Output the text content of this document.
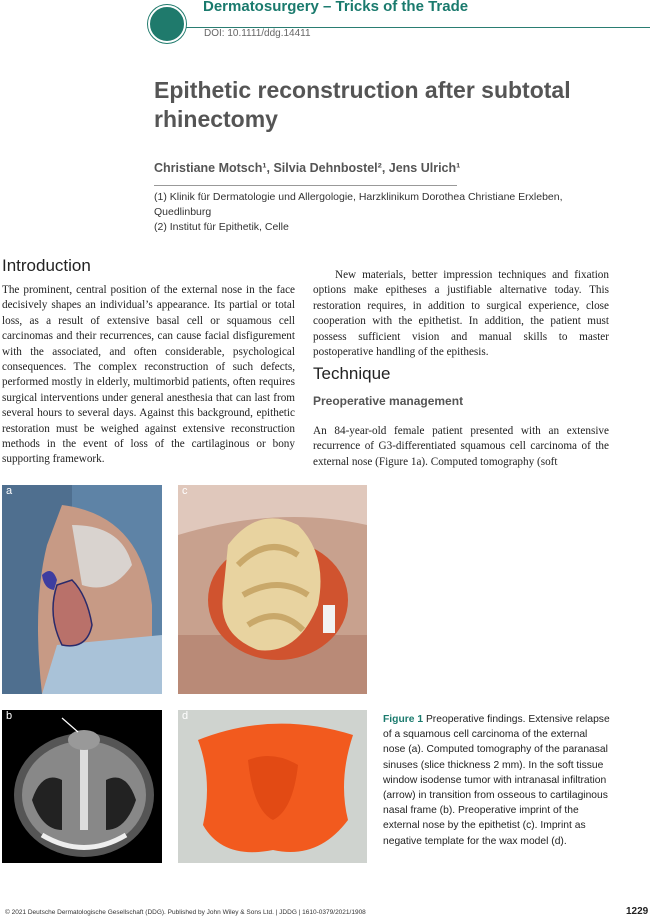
Dermatosurgery – Tricks of the Trade
DOI: 10.1111/ddg.14411
Epithetic reconstruction after subtotal rhinectomy
Christiane Motsch¹, Silvia Dehnbostel², Jens Ulrich¹
(1) Klinik für Dermatologie und Allergologie, Harzklinikum Dorothea Christiane Erxleben, Quedlinburg
(2) Institut für Epithetik, Celle
Introduction

The prominent, central position of the external nose in the face decisively shapes an individual’s appearance. Its partial or total loss, as a result of extensive basal cell or squamous cell carcinomas and their recurrences, can cause facial disfigurement with the associated, and often considerable, psychological consequences. The complex reconstruction of such defects, performed mostly in elderly, multimorbid patients, often requires surgical interventions under general anesthesia that can last from several hours to several days. Against this background, epithetic restoration must be weighed against extensive reconstruction methods in the event of loss of the cartilaginous or bony supporting framework.

New materials, better impression techniques and fixation options make epitheses a justifiable alternative today. This restoration requires, in addition to surgical experience, close cooperation with the epithetist. In addition, the patient must possess sufficient vision and manual skills to master postoperative handling of the epithesis.

Technique
Preoperative management

An 84-year-old female patient presented with an extensive recurrence of G3-differentiated squamous cell carcinoma of the external nose (Figure 1a). Computed tomography (soft

a	c
b	d	Figure 1 Preoperative findings. Extensive relapse of a squamous cell carcinoma of the external nose (a). Computed tomography of the paranasal sinuses (slice thickness 2 mm). In the soft tissue window isodense tumor with intranasal infiltration (arrow) in transition from osseous to cartilaginous nasal frame (b). Preoperative imprint of the external nose by the epithetist (c). Imprint as negative template for the wax model (d).
© 2021 Deutsche Dermatologische Gesellschaft (DDG). Published by John Wiley & Sons Ltd. | JDDG | 1610-0379/2021/1908	1229
